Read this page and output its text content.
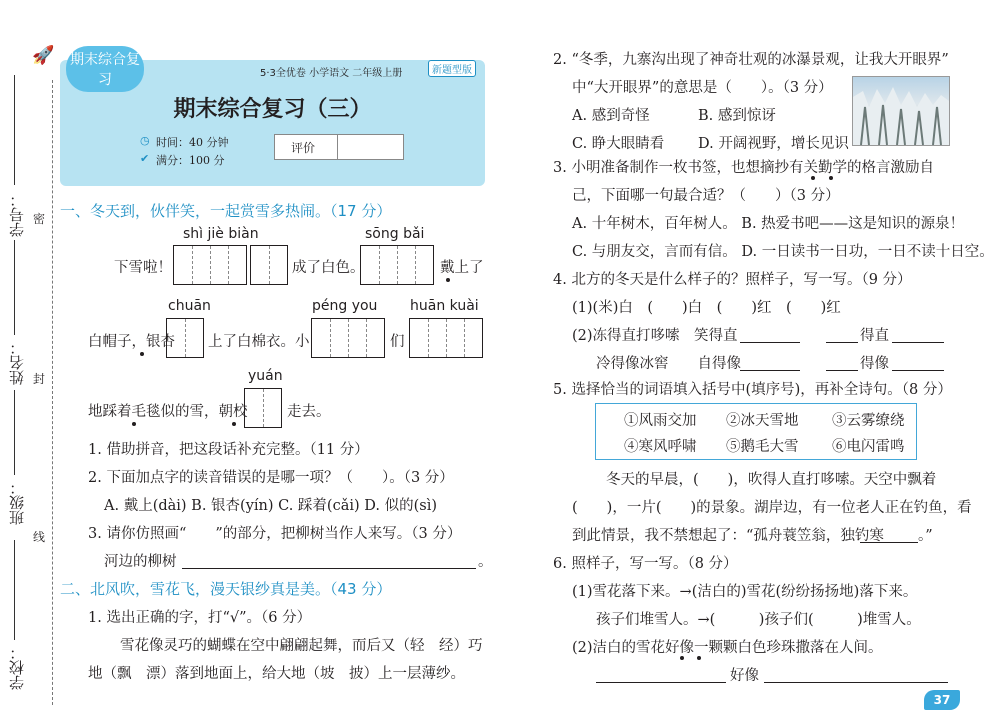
学号：
姓名：
班级：
学校：
密
封
线
🚀 期末综合复习	5·3全优卷 小学语文 二年级上册	新题型版
期末综合复习（三）
◷ 时间：40 分钟
✔ 满分：100 分
评价
一、冬天到，伙伴笑，一起赏雪多热闹。（17 分）
shì jiè biàn	sōng bǎi
下雪啦！	成了白色。	戴上了
chuān	péng you huān kuài
白帽子，银杏 上了白棉衣。小	们
yuán
地踩着毛毯似的雪，朝校	走去。
1. 借助拼音，把这段话补充完整。（11 分）
2. 下面加点字的读音错误的是哪一项？（　　）。（3 分）
A. 戴上(dài) B. 银杏(yín) C. 踩着(cǎi) D. 似的(sì)
3. 请你仿照画“　　”的部分，把柳树当作人来写。（3 分）
河边的柳树	。
二、北风吹，雪花飞，漫天银纱真是美。（43 分）
1. 选出正确的字，打“√”。（6 分）
雪花像灵巧的蝴蝶在空中翩翩起舞，而后又（轻　经）巧
地（飘　漂）落到地面上，给大地（坡　披）上一层薄纱。
2. “冬季，九寨沟出现了神奇壮观的冰瀑景观，让我大开眼界”
中“大开眼界”的意思是（　　）。（3 分）
A. 感到奇怪	B. 感到惊讶
C. 睁大眼睛看 D. 开阔视野，增长见识
3. 小明准备制作一枚书签，也想摘抄有关勤学的格言激励自
己，下面哪一句最合适？（　　）（3 分）
A. 十年树木，百年树人。 B. 热爱书吧——这是知识的源泉！
C. 与朋友交，言而有信。 D. 一日读书一日功，一日不读十日空。
4. 北方的冬天是什么样子的？照样子，写一写。（9 分）
(1)(米)白　(　　)白　(　　)红　(　　)红
(2)冻得直打哆嗦　笑得直	得直
冷得像冰窖　　自得像	得像
5. 选择恰当的词语填入括号中(填序号)，再补全诗句。（8 分）
①风雨交加 ②冰天雪地 ③云雾缭绕
④寒风呼啸 ⑤鹅毛大雪 ⑥电闪雷鸣
冬天的早晨，(　　)，吹得人直打哆嗦。天空中飘着
(　　)，一片(　　)的景象。湖岸边，有一位老人正在钓鱼，看
到此情景，我不禁想起了：“孤舟蓑笠翁，独钓寒 。”
6. 照样子，写一写。（8 分）
(1)雪花落下来。→(洁白的)雪花(纷纷扬扬地)落下来。
孩子们堆雪人。→(　　　)孩子们(　　　)堆雪人。
(2)洁白的雪花好像一颗颗白色珍珠撒落在人间。
好像
37
